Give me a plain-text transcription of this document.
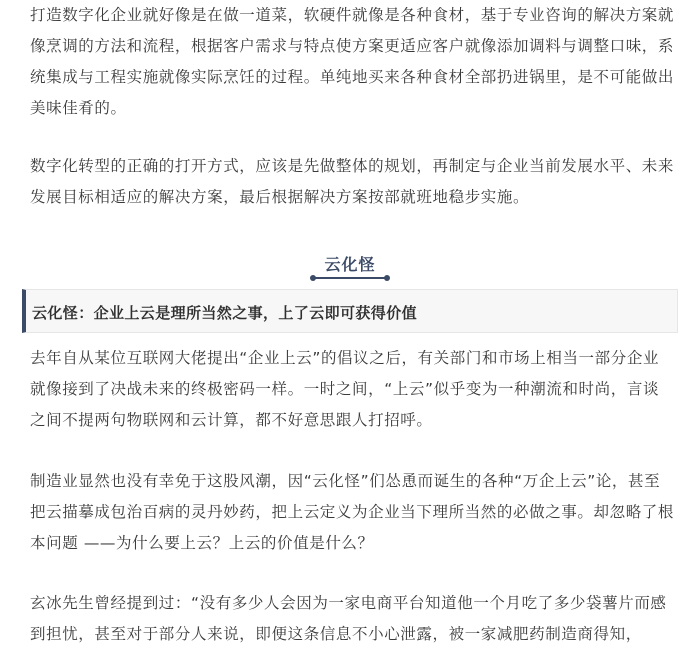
打造数字化企业就好像是在做一道菜，软硬件就像是各种食材，基于专业咨询的解决方案就像烹调的方法和流程，根据客户需求与特点使方案更适应客户就像添加调料与调整口味，系统集成与工程实施就像实际烹饪的过程。单纯地买来各种食材全部扔进锅里，是不可能做出美味佳肴的。

数字化转型的正确的打开方式，应该是先做整体的规划，再制定与企业当前发展水平、未来发展目标相适应的解决方案，最后根据解决方案按部就班地稳步实施。

云化怪
云化怪：企业上云是理所当然之事，上了云即可获得价值

去年自从某位互联网大佬提出“企业上云”的倡议之后，有关部门和市场上相当一部分企业就像接到了决战未来的终极密码一样。一时之间，“上云”似乎变为一种潮流和时尚，言谈之间不提两句物联网和云计算，都不好意思跟人打招呼。

制造业显然也没有幸免于这股风潮，因“云化怪”们怂恿而诞生的各种“万企上云”论，甚至把云描摹成包治百病的灵丹妙药，把上云定义为企业当下理所当然的必做之事。却忽略了根本问题 ——为什么要上云？上云的价值是什么？

玄冰先生曾经提到过：“没有多少人会因为一家电商平台知道他一个月吃了多少袋薯片而感到担忧，甚至对于部分人来说，即便这条信息不小心泄露，被一家减肥药制造商得知，
